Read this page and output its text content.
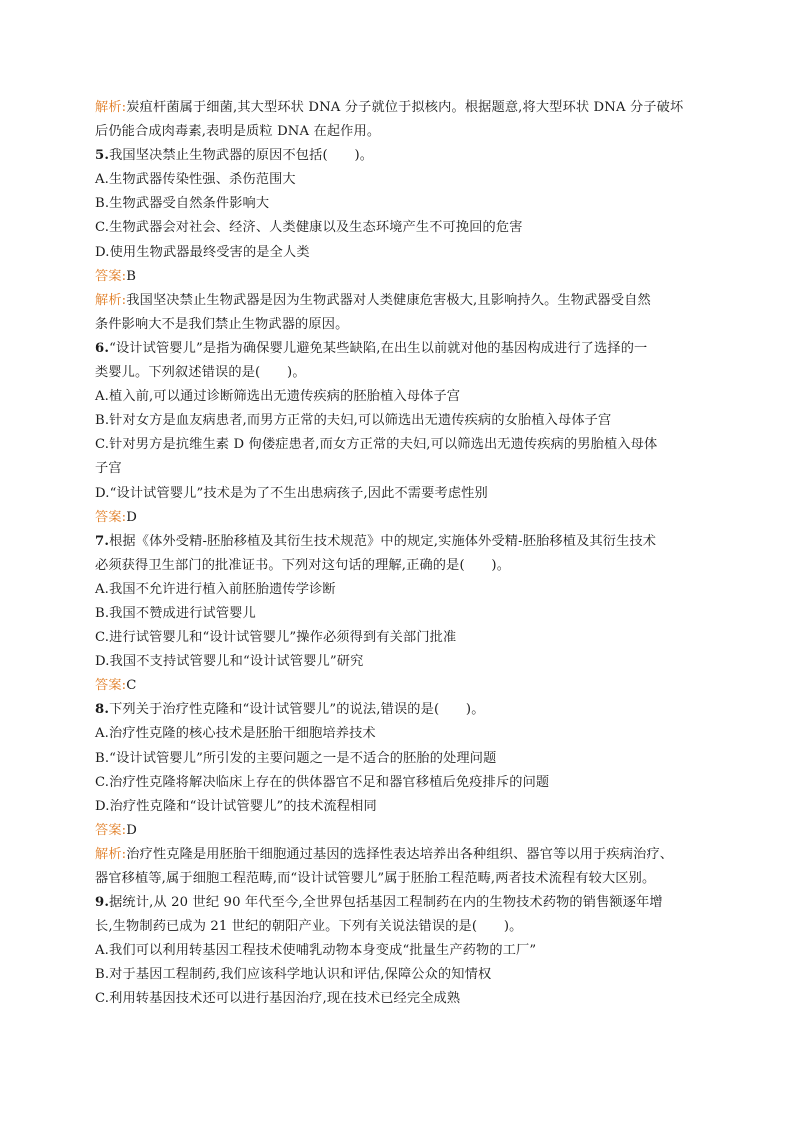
解析:炭疽杆菌属于细菌,其大型环状 DNA 分子就位于拟核内。根据题意,将大型环状 DNA 分子破坏
后仍能合成肉毒素,表明是质粒 DNA 在起作用。
5.我国坚决禁止生物武器的原因不包括(　　)。
A.生物武器传染性强、杀伤范围大
B.生物武器受自然条件影响大
C.生物武器会对社会、经济、人类健康以及生态环境产生不可挽回的危害
D.使用生物武器最终受害的是全人类
答案:B
解析:我国坚决禁止生物武器是因为生物武器对人类健康危害极大,且影响持久。生物武器受自然
条件影响大不是我们禁止生物武器的原因。
6.“设计试管婴儿”是指为确保婴儿避免某些缺陷,在出生以前就对他的基因构成进行了选择的一
类婴儿。下列叙述错误的是(　　)。
A.植入前,可以通过诊断筛选出无遗传疾病的胚胎植入母体子宫
B.针对女方是血友病患者,而男方正常的夫妇,可以筛选出无遗传疾病的女胎植入母体子宫
C.针对男方是抗维生素 D 佝偻症患者,而女方正常的夫妇,可以筛选出无遗传疾病的男胎植入母体
子宫
D.“设计试管婴儿”技术是为了不生出患病孩子,因此不需要考虑性别
答案:D
7.根据《体外受精-胚胎移植及其衍生技术规范》中的规定,实施体外受精-胚胎移植及其衍生技术
必须获得卫生部门的批准证书。下列对这句话的理解,正确的是(　　)。
A.我国不允许进行植入前胚胎遗传学诊断
B.我国不赞成进行试管婴儿
C.进行试管婴儿和“设计试管婴儿”操作必须得到有关部门批准
D.我国不支持试管婴儿和“设计试管婴儿”研究
答案:C
8.下列关于治疗性克隆和“设计试管婴儿”的说法,错误的是(　　)。
A.治疗性克隆的核心技术是胚胎干细胞培养技术
B.“设计试管婴儿”所引发的主要问题之一是不适合的胚胎的处理问题
C.治疗性克隆将解决临床上存在的供体器官不足和器官移植后免疫排斥的问题
D.治疗性克隆和“设计试管婴儿”的技术流程相同
答案:D
解析:治疗性克隆是用胚胎干细胞通过基因的选择性表达培养出各种组织、器官等以用于疾病治疗、
器官移植等,属于细胞工程范畴,而“设计试管婴儿”属于胚胎工程范畴,两者技术流程有较大区别。
9.据统计,从 20 世纪 90 年代至今,全世界包括基因工程制药在内的生物技术药物的销售额逐年增
长,生物制药已成为 21 世纪的朝阳产业。下列有关说法错误的是(　　)。
A.我们可以利用转基因工程技术使哺乳动物本身变成“批量生产药物的工厂”
B.对于基因工程制药,我们应该科学地认识和评估,保障公众的知情权
C.利用转基因技术还可以进行基因治疗,现在技术已经完全成熟
